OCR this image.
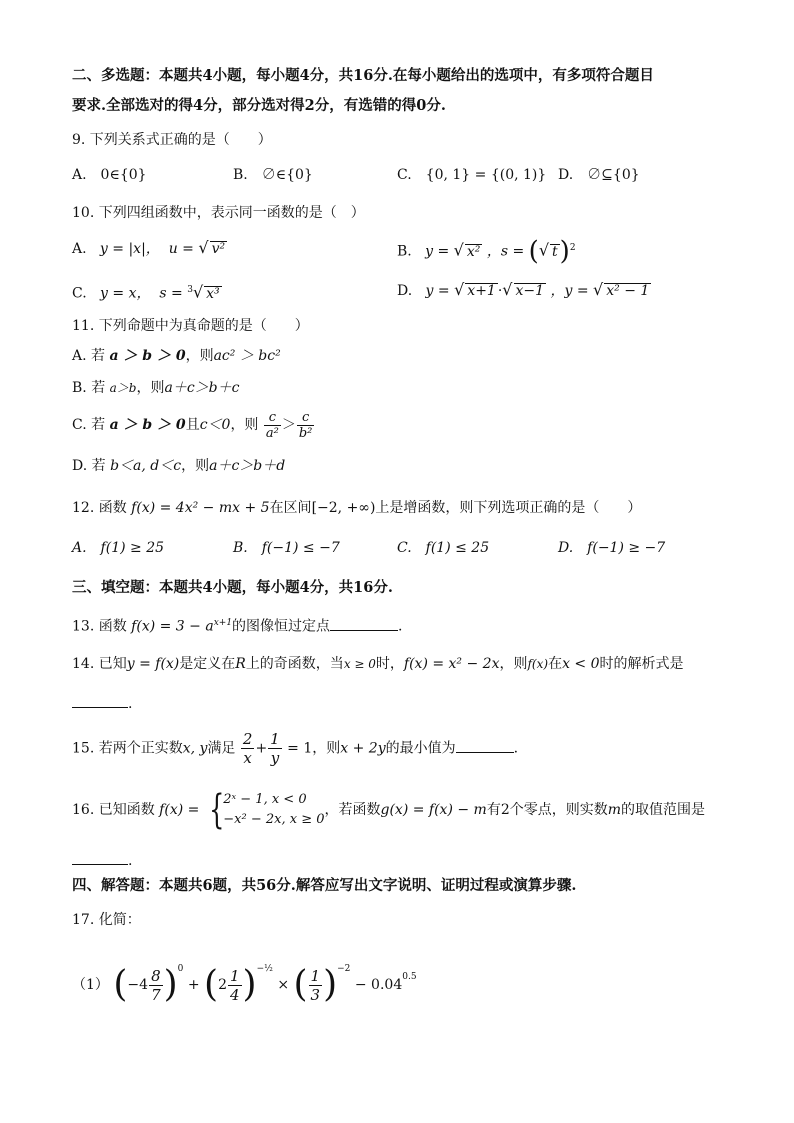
二、多选题：本题共4小题，每小题4分，共16分.在每小题给出的选项中，有多项符合题目
要求.全部选对的得4分，部分选对得2分，有选错的得0分.
9. 下列关系式正确的是（　　）
A.　0∈{0}	B.　∅∈{0}	C.　{0, 1} = {(0, 1)} D.　∅⊆{0}
10. 下列四组函数中，表示同一函数的是（　）
A. y = |x|， u = √ v²	B. y = √ x² ，s = (√ t)$^2$
C. y = x， s = $^3$√ x³	D. y = √ x+1 ·√ x−1 ，y = √ x² − 1
11. 下列命题中为真命题的是（　　）
A. 若 a ＞ b ＞ 0，则ac² ＞ bc²
B. 若 a＞b，则a＋c＞b＋c
C. 若 a ＞ b ＞ 0且c＜0，则 $\frac{c}{\text{a²}} > \frac{c}{\text{b²}}$
D. 若 b＜a, d＜c，则a＋c＞b＋d
12. 函数 f(x) = 4x² − mx + 5在区间[−2, +∞)上是增函数，则下列选项正确的是（　　）
A.　f(1) ≥ 25	B.　f(−1) ≤ −7	C.　f(1) ≤ 25	D.　f(−1) ≥ −7
三、填空题：本题共4小题，每小题4分，共16分.
13. 函数 $f(x) = 3 - a^{x+1}$的图像恒过定点	.
14. 已知y = f(x)是定义在R上的奇函数，当x ≥ 0时，f(x) = x² − 2x，则f(x)在x < 0时的解析式是
.
15. 若两个正实数x, y满足 $\frac{2}{x} + \frac{1}{y} = 1$，则x + 2y的最小值为	.
16. 已知函数 f(x) = { 2ˣ − 1, x < 0
−x² − 2x, x ≥ 0
，若函数g(x) = f(x) − m有2个零点，则实数m的取值范围是
.
四、解答题：本题共6题，共56分.解答应写出文字说明、证明过程或演算步骤.
17. 化简：
（1） $(-4 \frac{8}{7} )^0 + (2 \frac{1}{4} )^{-\frac{1}{2}}$ × ( $\frac{1}{3} )^{-2} - 0.04^{0.5}$
